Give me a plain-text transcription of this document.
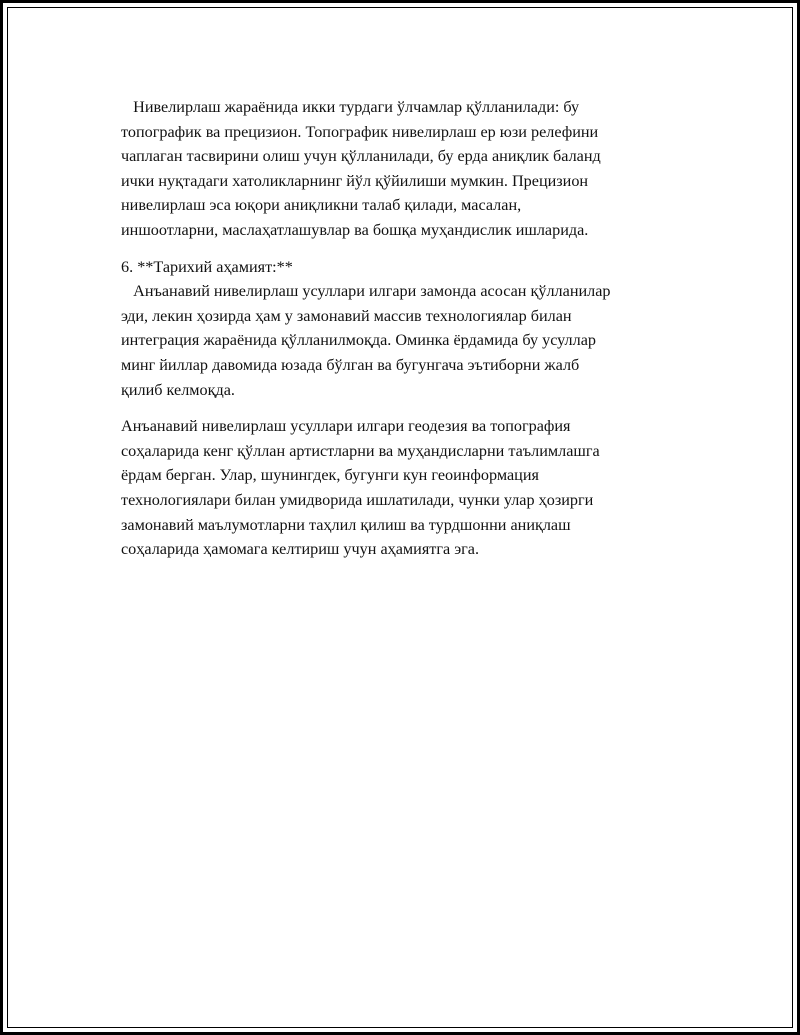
Нивелирлаш жараёнида икки турдаги ўлчамлар қўлланилади: бу
топографик ва прецизион. Топографик нивелирлаш ер юзи релефини
чаплаган тасвирини олиш учун қўлланилади, бу ерда аниқлик баланд
ички нуқтадаги хатоликларнинг йўл қўйилиши мумкин. Прецизион
нивелирлаш эса юқори аниқликни талаб қилади, масалан,
иншоотларни, маслаҳатлашувлар ва бошқа муҳандислик ишларида.
6. **Тарихий аҳамият:**
Анъанавий нивелирлаш усуллари илгари замонда асосан қўлланилар
эди, лекин ҳозирда ҳам у замонавий массив технологиялар билан
интеграция жараёнида қўлланилмоқда. Оминка ёрдамида бу усуллар
минг йиллар давомида юзада бўлган ва бугунгача эътиборни жалб
қилиб келмоқда.
Анъанавий нивелирлаш усуллари илгари геодезия ва топография
соҳаларида кенг қўллан артистларни ва муҳандисларни таълимлашга
ёрдам берган. Улар, шунингдек, бугунги кун геоинформация
технологиялари билан умидворида ишлатилади, чунки улар ҳозирги
замонавий маълумотларни таҳлил қилиш ва турдшонни аниқлаш
соҳаларида ҳамомага келтириш учун аҳамиятга эга.
